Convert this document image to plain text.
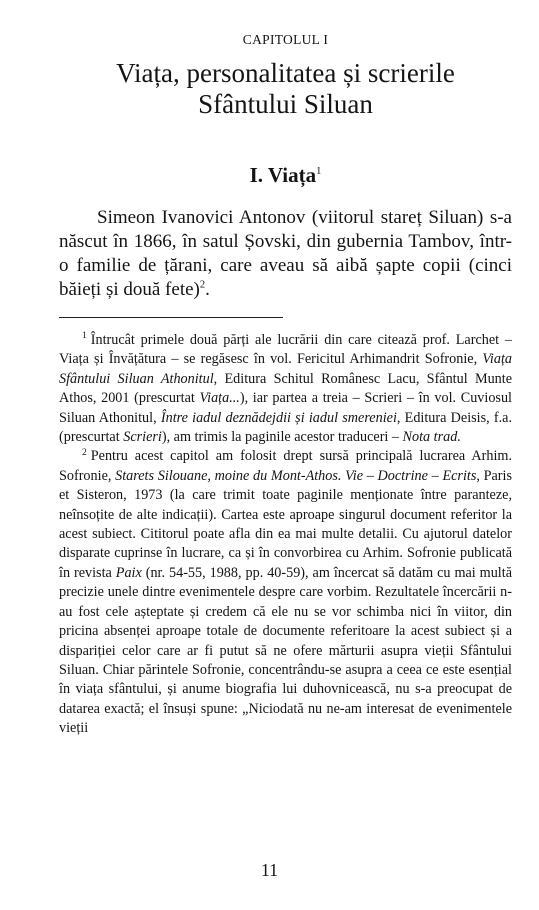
CAPITOLUL I
Viața, personalitatea și scrierile
Sfântului Siluan
I. Viața$^1$

Simeon Ivanovici Antonov (viitorul stareț Siluan) s-a născut în 1866, în satul Șovski, din gubernia Tambov, într-o familie de țărani, care aveau să aibă șapte copii (cinci băieți și două fete)$^2$.

$^1$ Întrucât primele două părți ale lucrării din care citează prof. Larchet – Viața și Învățătura – se regăsesc în vol. Fericitul Arhimandrit Sofronie, Viața Sfântului Siluan Athonitul, Editura Schitul Românesc Lacu, Sfântul Munte Athos, 2001 (prescurtat Viața...), iar partea a treia – Scrieri – în vol. Cuviosul Siluan Athonitul, Între iadul deznădejdii și iadul smereniei, Editura Deisis, f.a. (prescurtat Scrieri), am trimis la paginile acestor traduceri – Nota trad.

$^2$ Pentru acest capitol am folosit drept sursă principală lucrarea Arhim. Sofronie, Starets Silouane, moine du Mont-Athos. Vie – Doctrine – Ecrits, Paris et Sisteron, 1973 (la care trimit toate paginile menționate între paranteze, neînsoțite de alte indicații). Cartea este aproape singurul document referitor la acest subiect. Cititorul poate afla din ea mai multe detalii. Cu ajutorul datelor disparate cuprinse în lucrare, ca și în convorbirea cu Arhim. Sofronie publicată în revista Paix (nr. 54-55, 1988, pp. 40-59), am încercat să datăm cu mai multă precizie unele dintre evenimentele despre care vorbim. Rezultatele încercării n-au fost cele așteptate și credem că ele nu se vor schimba nici în viitor, din pricina absenței aproape totale de documente referitoare la acest subiect și a dispariției celor care ar fi putut să ne ofere mărturii asupra vieții Sfântului Siluan. Chiar părintele Sofronie, concentrându-se asupra a ceea ce este esențial în viața sfântului, și anume biografia lui duhovnicească, nu s-a preocupat de datarea exactă; el însuși spune: „Niciodată nu ne-am interesat de evenimentele vieții

11
